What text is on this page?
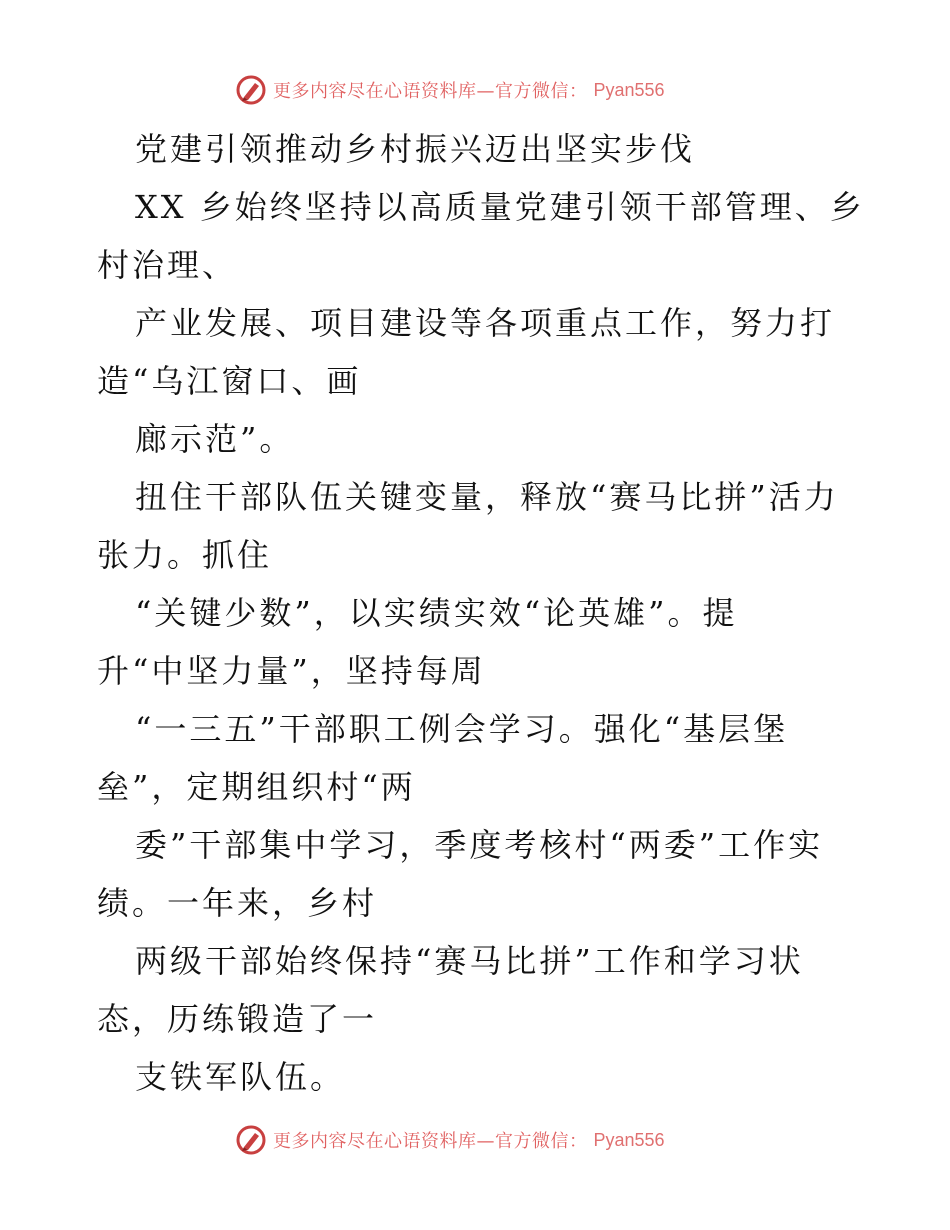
更多内容尽在心语资料库—官方微信： Pyan556
党建引领推动乡村振兴迈出坚实步伐
XX 乡始终坚持以高质量党建引领干部管理、乡
村治理、
产业发展、项目建设等各项重点工作，努力打
造“乌江窗口、画
廊示范”。
扭住干部队伍关键变量，释放“赛马比拼”活力
张力。抓住
“关键少数”，以实绩实效“论英雄”。提
升“中坚力量”，坚持每周
“一三五”干部职工例会学习。强化“基层堡
垒”，定期组织村“两
委”干部集中学习，季度考核村“两委”工作实
绩。一年来，乡村
两级干部始终保持“赛马比拼”工作和学习状
态，历练锻造了一
支铁军队伍。
更多内容尽在心语资料库—官方微信： Pyan556
